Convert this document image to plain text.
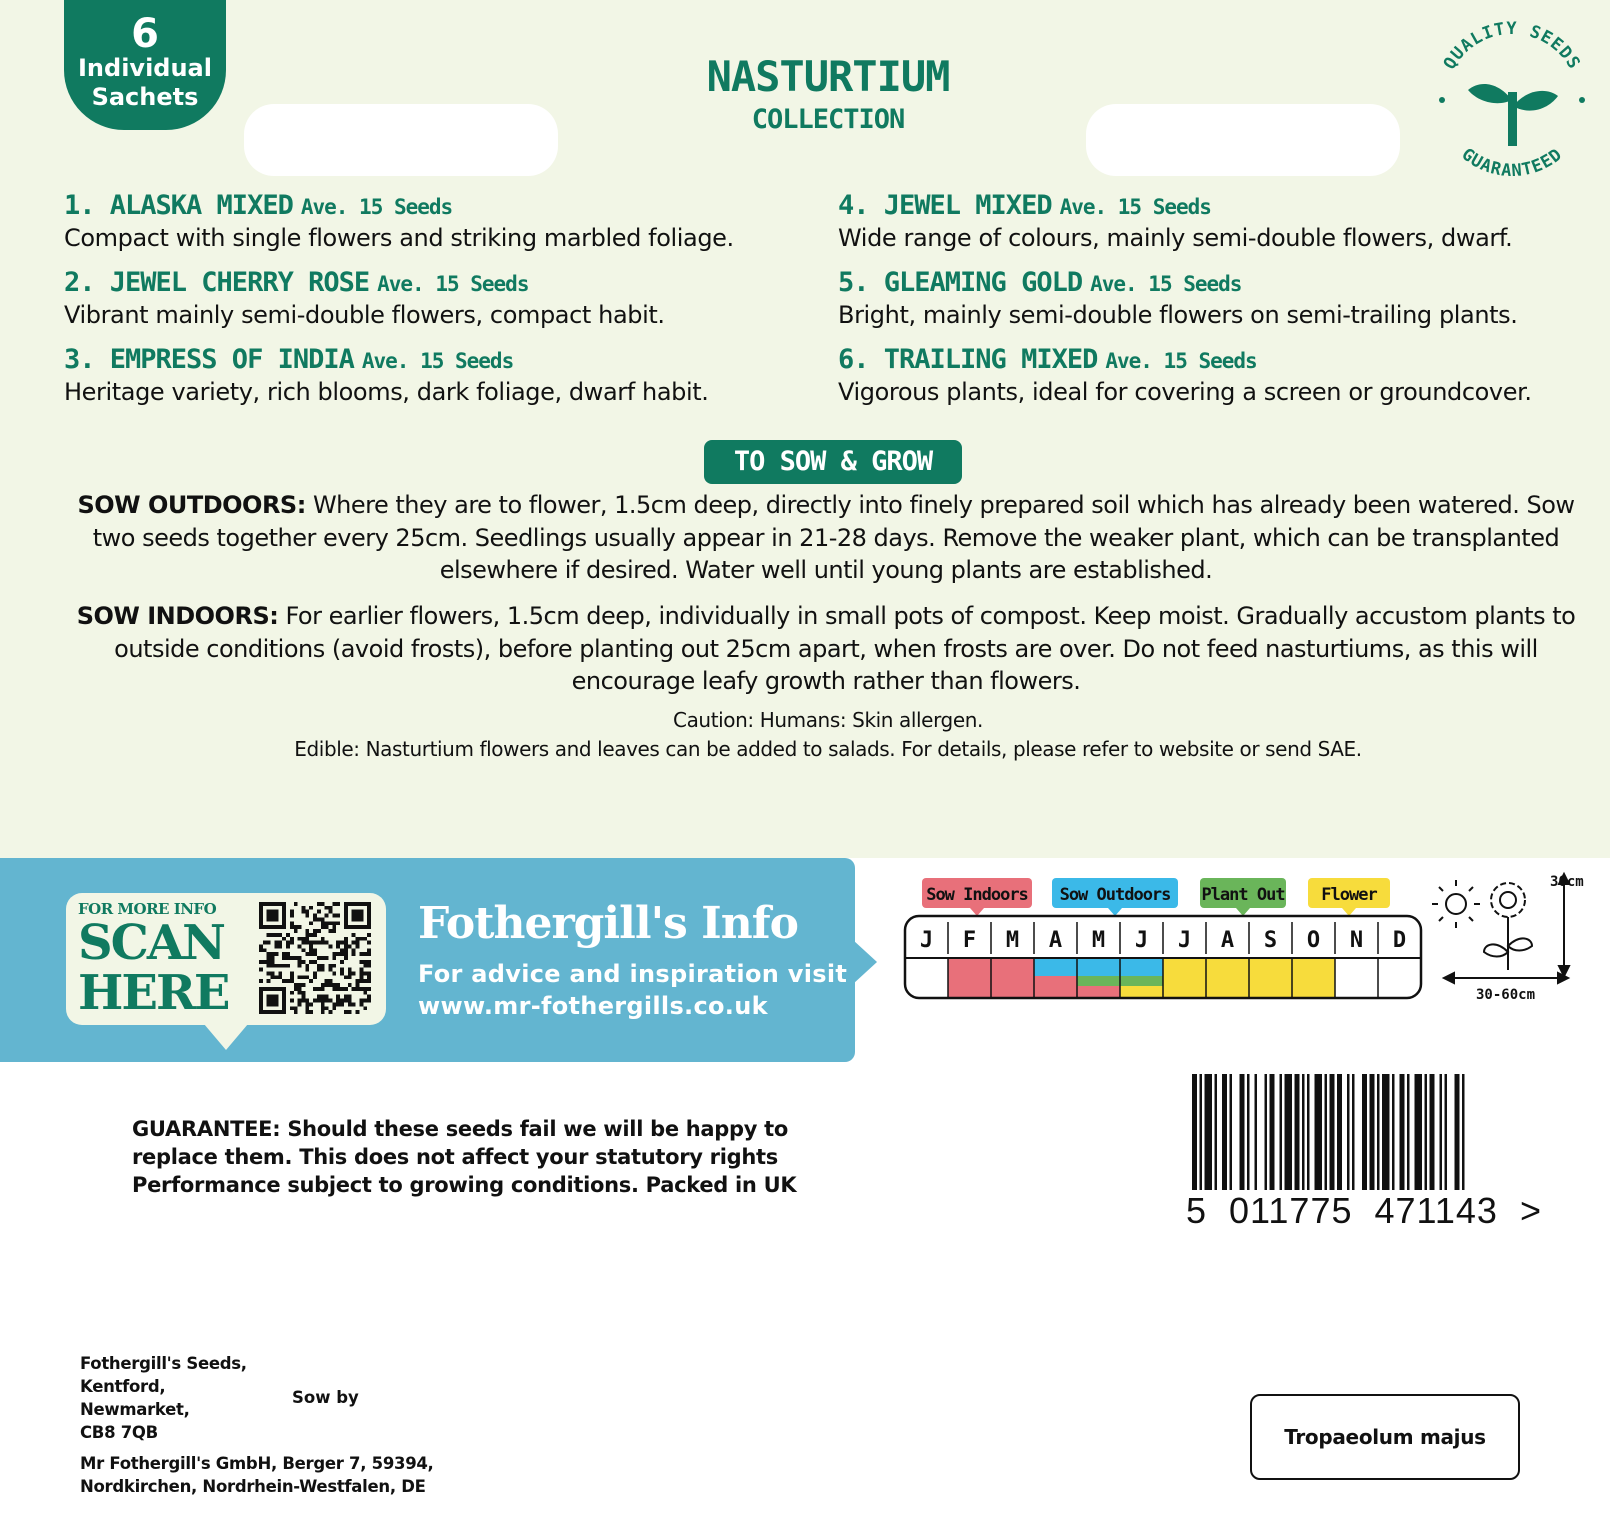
6
Individual
Sachets	NASTURTIUM
COLLECTION
QUALITY SEEDS
GUARANTEED
1. ALASKA MIXED Ave. 15 Seeds
Compact with single flowers and striking marbled foliage.
2. JEWEL CHERRY ROSE Ave. 15 Seeds
Vibrant mainly semi-double flowers, compact habit.
3. EMPRESS OF INDIA Ave. 15 Seeds
Heritage variety, rich blooms, dark foliage, dwarf habit.
4. JEWEL MIXED Ave. 15 Seeds
Wide range of colours, mainly semi-double flowers, dwarf.
5. GLEAMING GOLD Ave. 15 Seeds
Bright, mainly semi-double flowers on semi-trailing plants.
6. TRAILING MIXED Ave. 15 Seeds
Vigorous plants, ideal for covering a screen or groundcover.
TO SOW & GROW
SOW OUTDOORS: Where they are to flower, 1.5cm deep, directly into finely prepared soil which has already been watered. Sow two seeds together every 25cm. Seedlings usually appear in 21-28 days. Remove the weaker plant, which can be transplanted elsewhere if desired. Water well until young plants are established.
SOW INDOORS: For earlier flowers, 1.5cm deep, individually in small pots of compost. Keep moist. Gradually accustom plants to outside conditions (avoid frosts), before planting out 25cm apart, when frosts are over. Do not feed nasturtiums, as this will encourage leafy growth rather than flowers.
Caution: Humans: Skin allergen.
Edible: Nasturtium flowers and leaves can be added to salads. For details, please refer to website or send SAE.
FOR MORE INFO
SCAN
HERE
Fothergill's Info
For advice and inspiration visit
www.mr-fothergills.co.uk
Sow Indoors Sow Outdoors Plant Out Flower
J F M A M J J A S O N D
30cm
30-60cm
GUARANTEE: Should these seeds fail we will be happy to
replace them. This does not affect your statutory rights
Performance subject to growing conditions. Packed in UK
5  011775  471143  >
Fothergill's Seeds,
Kentford,
Newmarket,
CB8 7QB
Sow by
Mr Fothergill's GmbH, Berger 7, 59394,
Nordkirchen, Nordrhein-Westfalen, DE
Tropaeolum majus
